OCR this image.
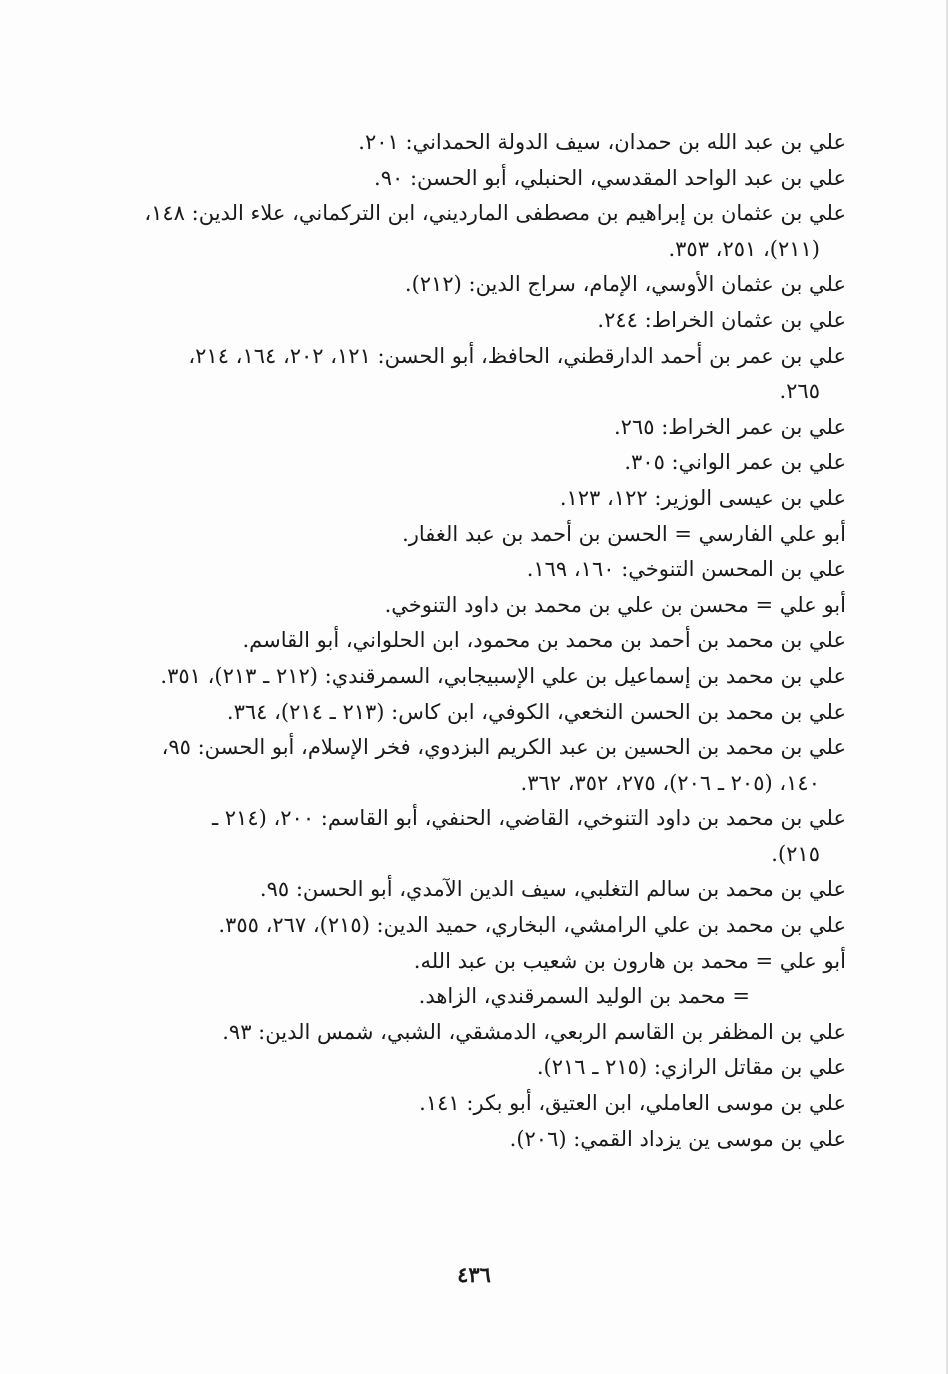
علي بن عبد الله بن حمدان، سيف الدولة الحمداني: ٢٠١.
علي بن عبد الواحد المقدسي، الحنبلي، أبو الحسن: ٩٠.
علي بن عثمان بن إبراهيم بن مصطفى المارديني، ابن التركماني، علاء الدين: ١٤٨،
(٢١١)، ٢٥١، ٣٥٣.
علي بن عثمان الأوسي، الإمام، سراج الدين: (٢١٢).
علي بن عثمان الخراط: ٢٤٤.
علي بن عمر بن أحمد الدارقطني، الحافظ، أبو الحسن: ١٢١، ٢٠٢، ١٦٤، ٢١٤،
٢٦٥.
علي بن عمر الخراط: ٢٦٥.
علي بن عمر الواني: ٣٠٥.
علي بن عيسى الوزير: ١٢٢، ١٢٣.
أبو علي الفارسي = الحسن بن أحمد بن عبد الغفار.
علي بن المحسن التنوخي: ١٦٠، ١٦٩.
أبو علي = محسن بن علي بن محمد بن داود التنوخي.
علي بن محمد بن أحمد بن محمد بن محمود، ابن الحلواني، أبو القاسم.
علي بن محمد بن إسماعيل بن علي الإسبيجابي، السمرقندي: (٢١٢ ـ ٢١٣)، ٣٥١.
علي بن محمد بن الحسن النخعي، الكوفي، ابن كاس: (٢١٣ ـ ٢١٤)، ٣٦٤.
علي بن محمد بن الحسين بن عبد الكريم البزدوي، فخر الإسلام، أبو الحسن: ٩٥،
١٤٠، (٢٠٥ ـ ٢٠٦)، ٢٧٥، ٣٥٢، ٣٦٢.
علي بن محمد بن داود التنوخي، القاضي، الحنفي، أبو القاسم: ٢٠٠، (٢١٤ ـ
٢١٥).
علي بن محمد بن سالم التغلبي، سيف الدين الآمدي، أبو الحسن: ٩٥.
علي بن محمد بن علي الرامشي، البخاري، حميد الدين: (٢١٥)، ٢٦٧، ٣٥٥.
أبو علي = محمد بن هارون بن شعيب بن عبد الله.
= محمد بن الوليد السمرقندي، الزاهد.
علي بن المظفر بن القاسم الربعي، الدمشقي، الشبي، شمس الدين: ٩٣.
علي بن مقاتل الرازي: (٢١٥ ـ ٢١٦).
علي بن موسى العاملي، ابن العتيق، أبو بكر: ١٤١.
علي بن موسى ين يزداد القمي: (٢٠٦).
٤٣٦
